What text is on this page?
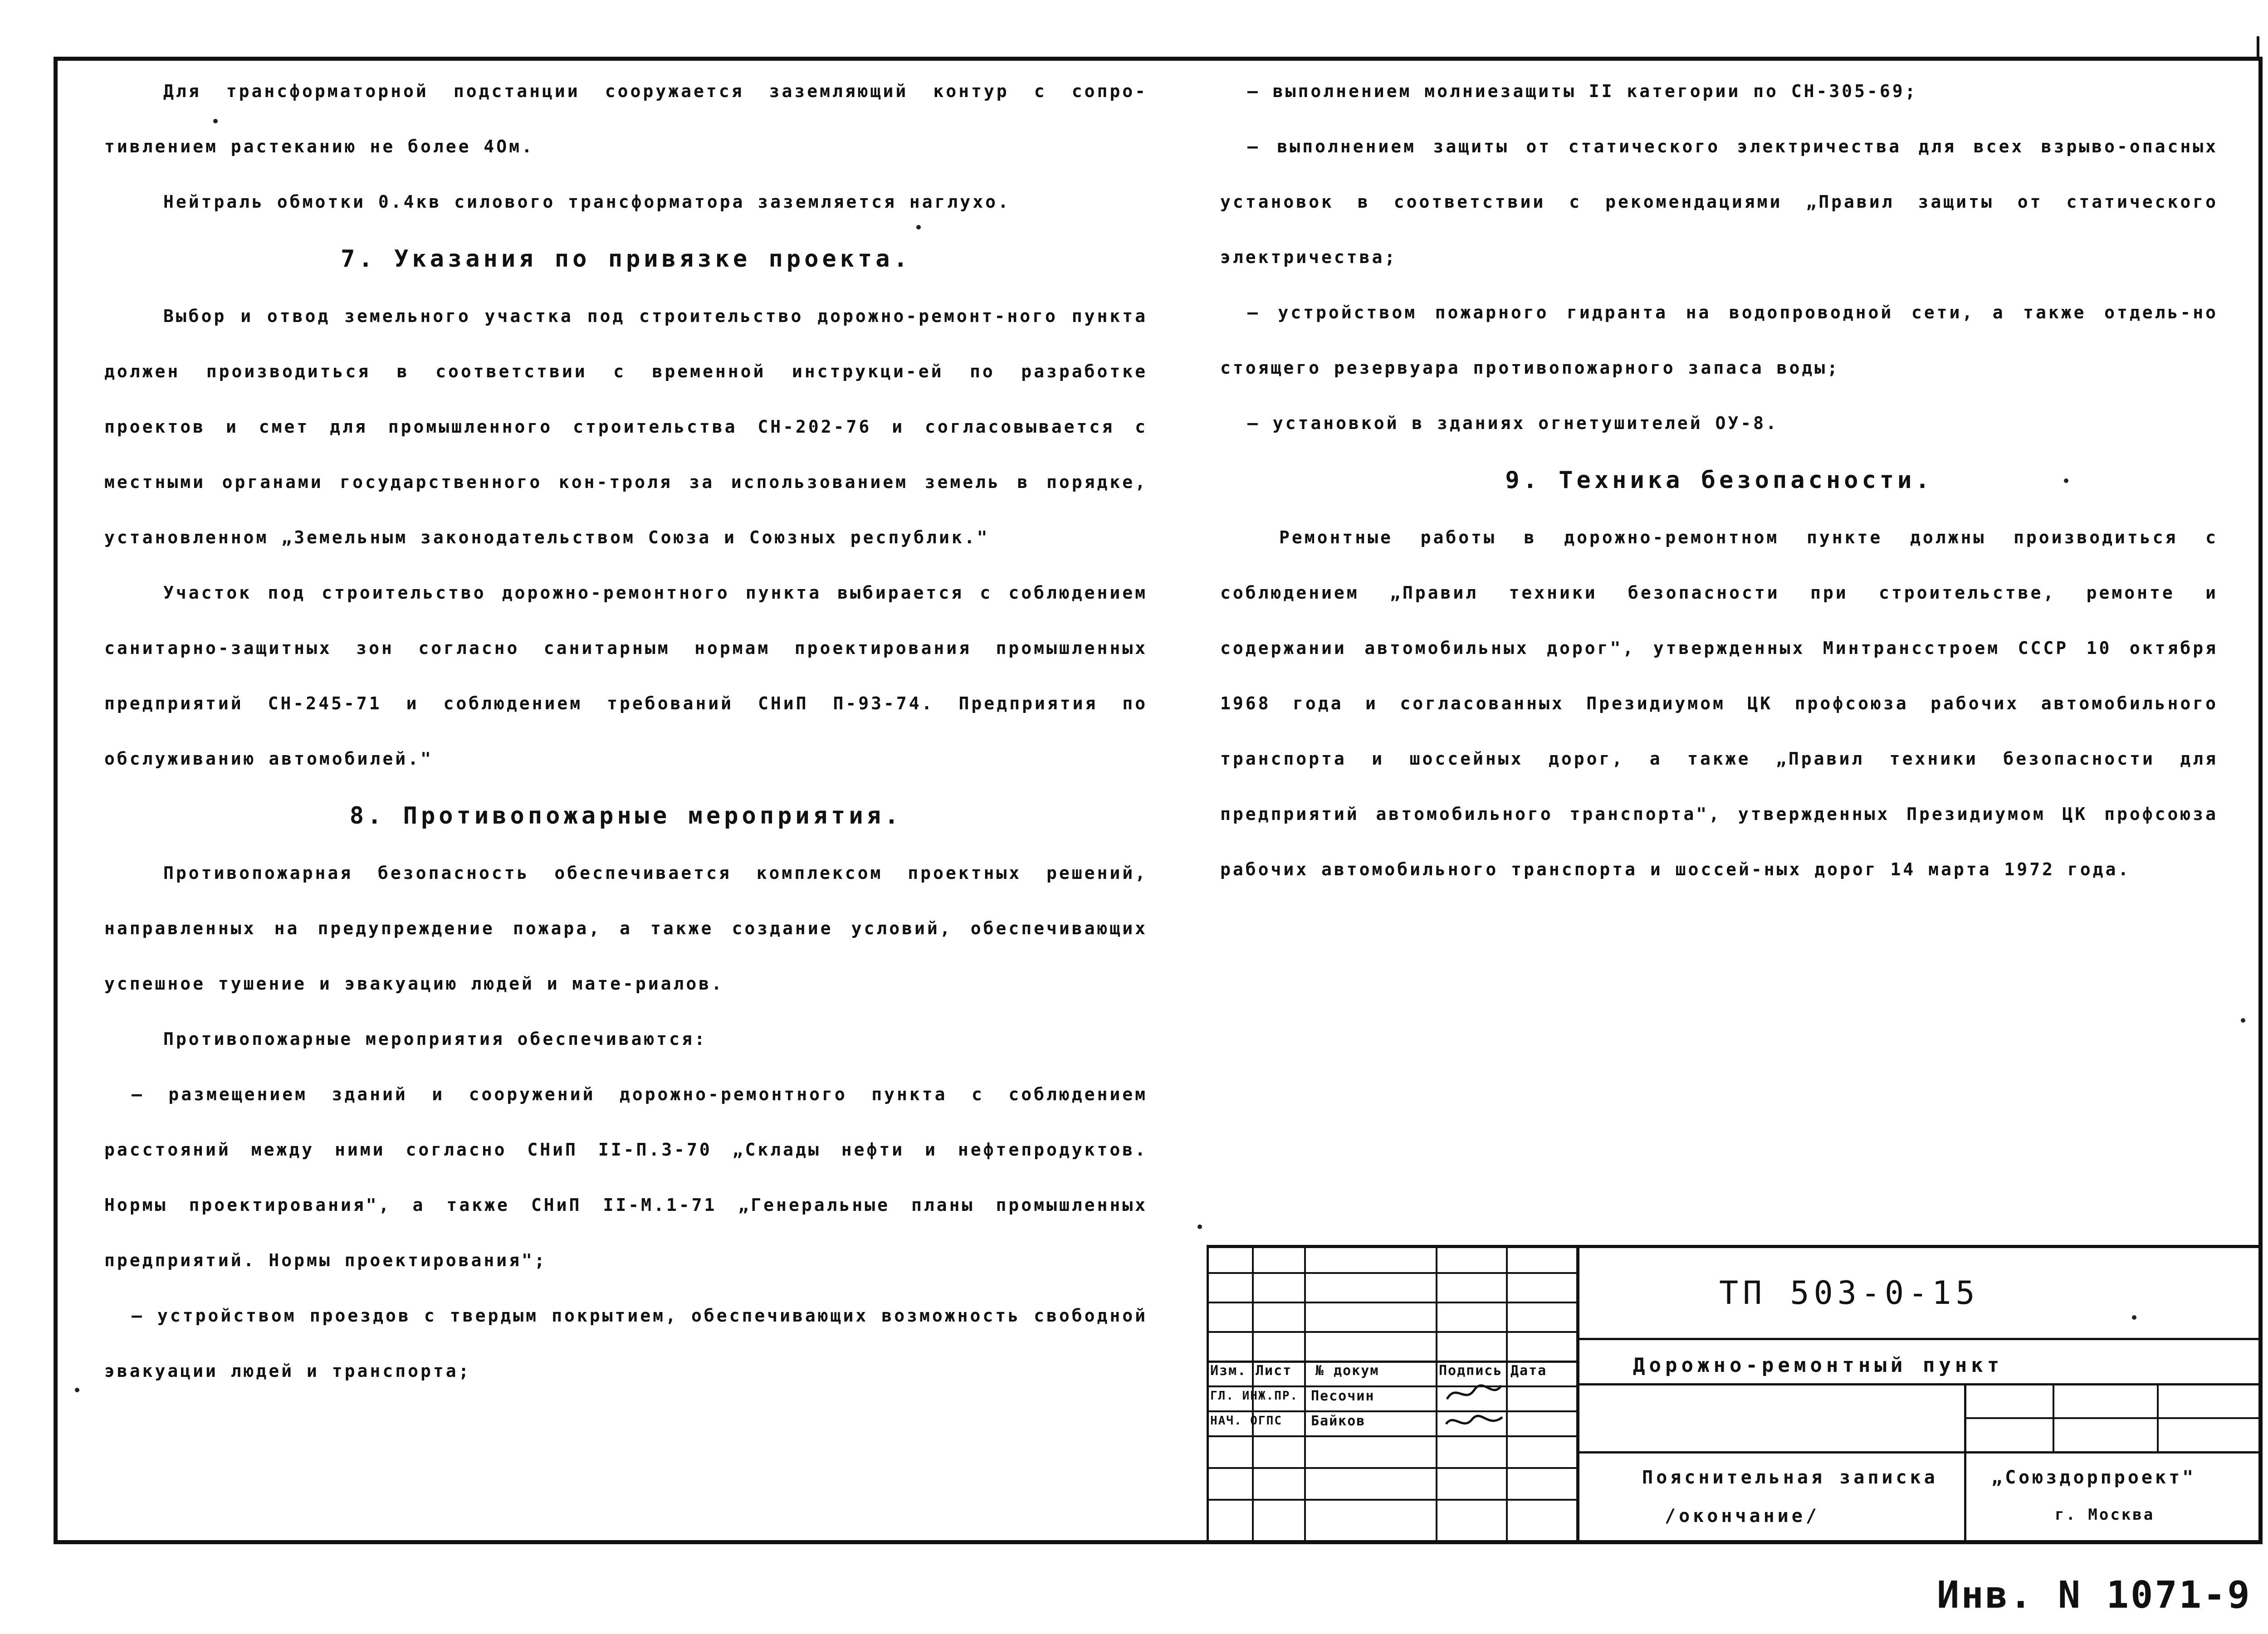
Для трансформаторной подстанции сооружается заземляющий контур с сопро-тивлением растеканию не более 4Ом.

Нейтраль обмотки 0.4кв силового трансформатора заземляется наглухо.

7. Указания по привязке проекта.

Выбор и отвод земельного участка под строительство дорожно-ремонт-ного пункта должен производиться в соответствии с временной инструкци-ей по разработке проектов и смет для промышленного строительства СН-202-76 и согласовывается с местными органами государственного кон-троля за использованием земель в порядке, установленном „Земельным законодательством Союза и Союзных республик."

Участок под строительство дорожно-ремонтного пункта выбирается с соблюдением санитарно-защитных зон согласно санитарным нормам проектирования промышленных предприятий СН-245-71 и соблюдением требований СНиП П-93-74. Предприятия по обслуживанию автомобилей."

8. Противопожарные мероприятия.

Противопожарная безопасность обеспечивается комплексом проектных решений, направленных на предупреждение пожара, а также создание условий, обеспечивающих успешное тушение и эвакуацию людей и мате-риалов.

Противопожарные мероприятия обеспечиваются:

— размещением зданий и сооружений дорожно-ремонтного пункта с соблюдением расстояний между ними согласно СНиП II-П.3-70 „Склады нефти и нефтепродуктов. Нормы проектирования", а также СНиП II-М.1-71 „Генеральные планы промышленных предприятий. Нормы проектирования";

— устройством проездов с твердым покрытием, обеспечивающих возможность свободной эвакуации людей и транспорта;

— выполнением молниезащиты II категории по СН-305-69;

— выполнением защиты от статического электричества для всех взрыво-опасных установок в соответствии с рекомендациями „Правил защиты от статического электричества;

— устройством пожарного гидранта на водопроводной сети, а также отдель-но стоящего резервуара противопожарного запаса воды;

— установкой в зданиях огнетушителей ОУ-8.

9. Техника безопасности.

Ремонтные работы в дорожно-ремонтном пункте должны производиться с соблюдением „Правил техники безопасности при строительстве, ремонте и содержании автомобильных дорог", утвержденных Минтрансстроем СССР 10 октября 1968 года и согласованных Президиумом ЦК профсоюза рабочих автомобильного транспорта и шоссейных дорог, а также „Правил техники безопасности для предприятий автомобильного транспорта", утвержденных Президиумом ЦК профсоюза рабочих автомобильного транспорта и шоссей-ных дорог 14 марта 1972 года.

Изм. Лист № докум	Подпись Дата
ГЛ. ИНЖ.ПР. Песочин
НАЧ. ОГПС Байков
ТП 503-0-15
Дорожно-ремонтный пункт
Пояснительная записка
/окончание/
„Союздорпроект"
г. Москва
Инв. N 1071-9
